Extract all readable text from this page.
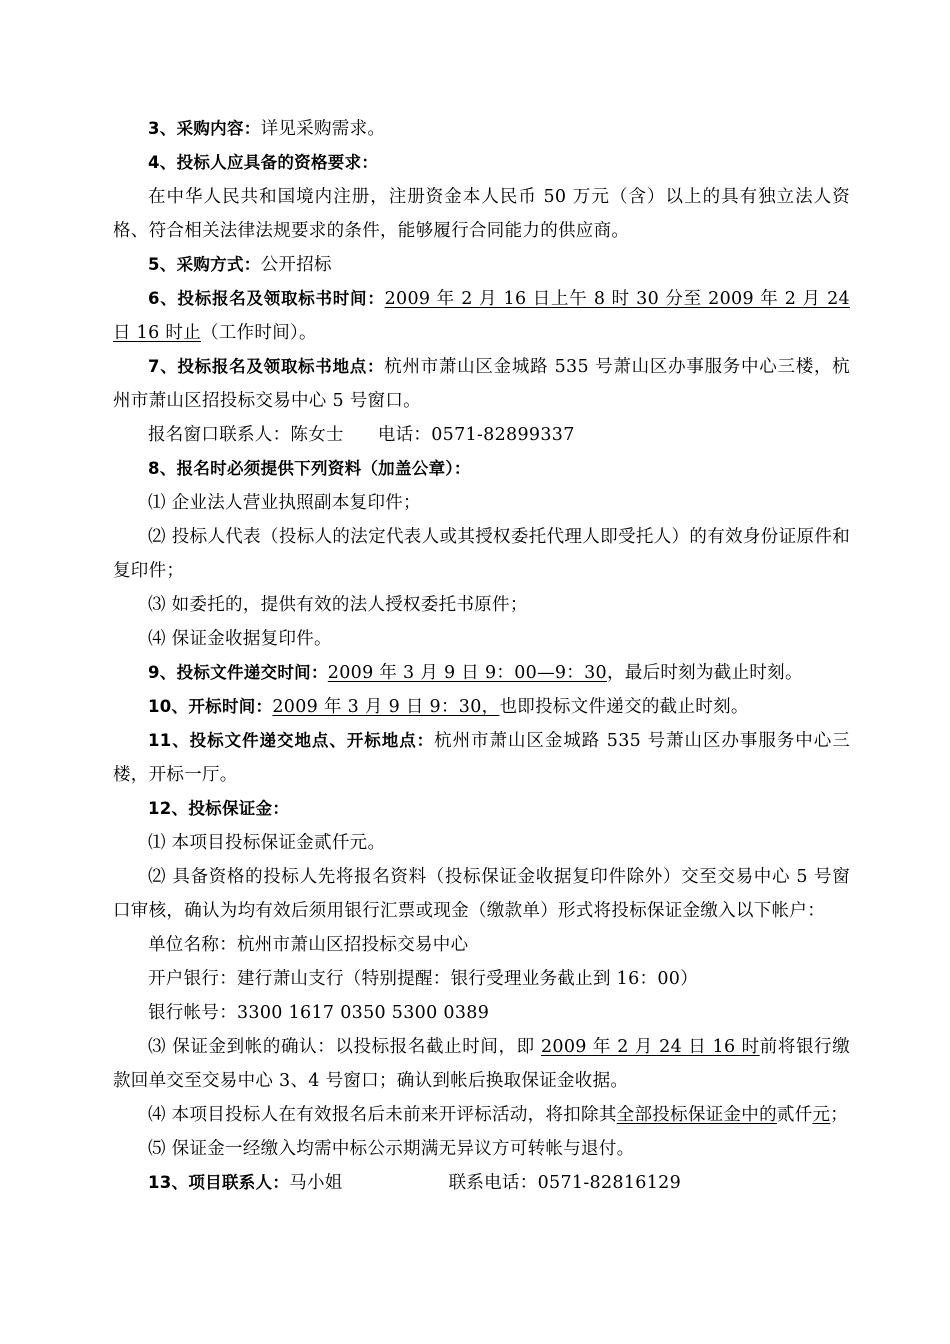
3、采购内容：详见采购需求。

4、投标人应具备的资格要求：

在中华人民共和国境内注册，注册资金本人民币 50 万元（含）以上的具有独立法人资格、符合相关法律法规要求的条件，能够履行合同能力的供应商。

5、采购方式：公开招标

6、投标报名及领取标书时间：2009 年 2 月 16 日上午 8 时 30 分至 2009 年 2 月 24 日 16 时止（工作时间）。

7、投标报名及领取标书地点：杭州市萧山区金城路 535 号萧山区办事服务中心三楼，杭州市萧山区招投标交易中心 5 号窗口。

报名窗口联系人：陈女士 电话：0571-82899337

8、报名时必须提供下列资料（加盖公章）：

⑴ 企业法人营业执照副本复印件；

⑵ 投标人代表（投标人的法定代表人或其授权委托代理人即受托人）的有效身份证原件和复印件；

⑶ 如委托的，提供有效的法人授权委托书原件；

⑷ 保证金收据复印件。

9、投标文件递交时间：2009 年 3 月 9 日 9：00—9：30，最后时刻为截止时刻。

10、开标时间：2009 年 3 月 9 日 9：30，也即投标文件递交的截止时刻。

11、投标文件递交地点、开标地点：杭州市萧山区金城路 535 号萧山区办事服务中心三楼，开标一厅。

12、投标保证金：

⑴ 本项目投标保证金贰仟元。

⑵ 具备资格的投标人先将报名资料（投标保证金收据复印件除外）交至交易中心 5 号窗口审核，确认为均有效后须用银行汇票或现金（缴款单）形式将投标保证金缴入以下帐户：

单位名称：杭州市萧山区招投标交易中心

开户银行：建行萧山支行（特别提醒：银行受理业务截止到 16：00）

银行帐号：3300 1617 0350 5300 0389

⑶ 保证金到帐的确认：以投标报名截止时间，即 2009 年 2 月 24 日 16 时前将银行缴款回单交至交易中心 3、4 号窗口；确认到帐后换取保证金收据。

⑷ 本项目投标人在有效报名后未前来开评标活动，将扣除其全部投标保证金中的贰仟元；

⑸ 保证金一经缴入均需中标公示期满无异议方可转帐与退付。

13、项目联系人：马小姐	联系电话：0571-82816129
